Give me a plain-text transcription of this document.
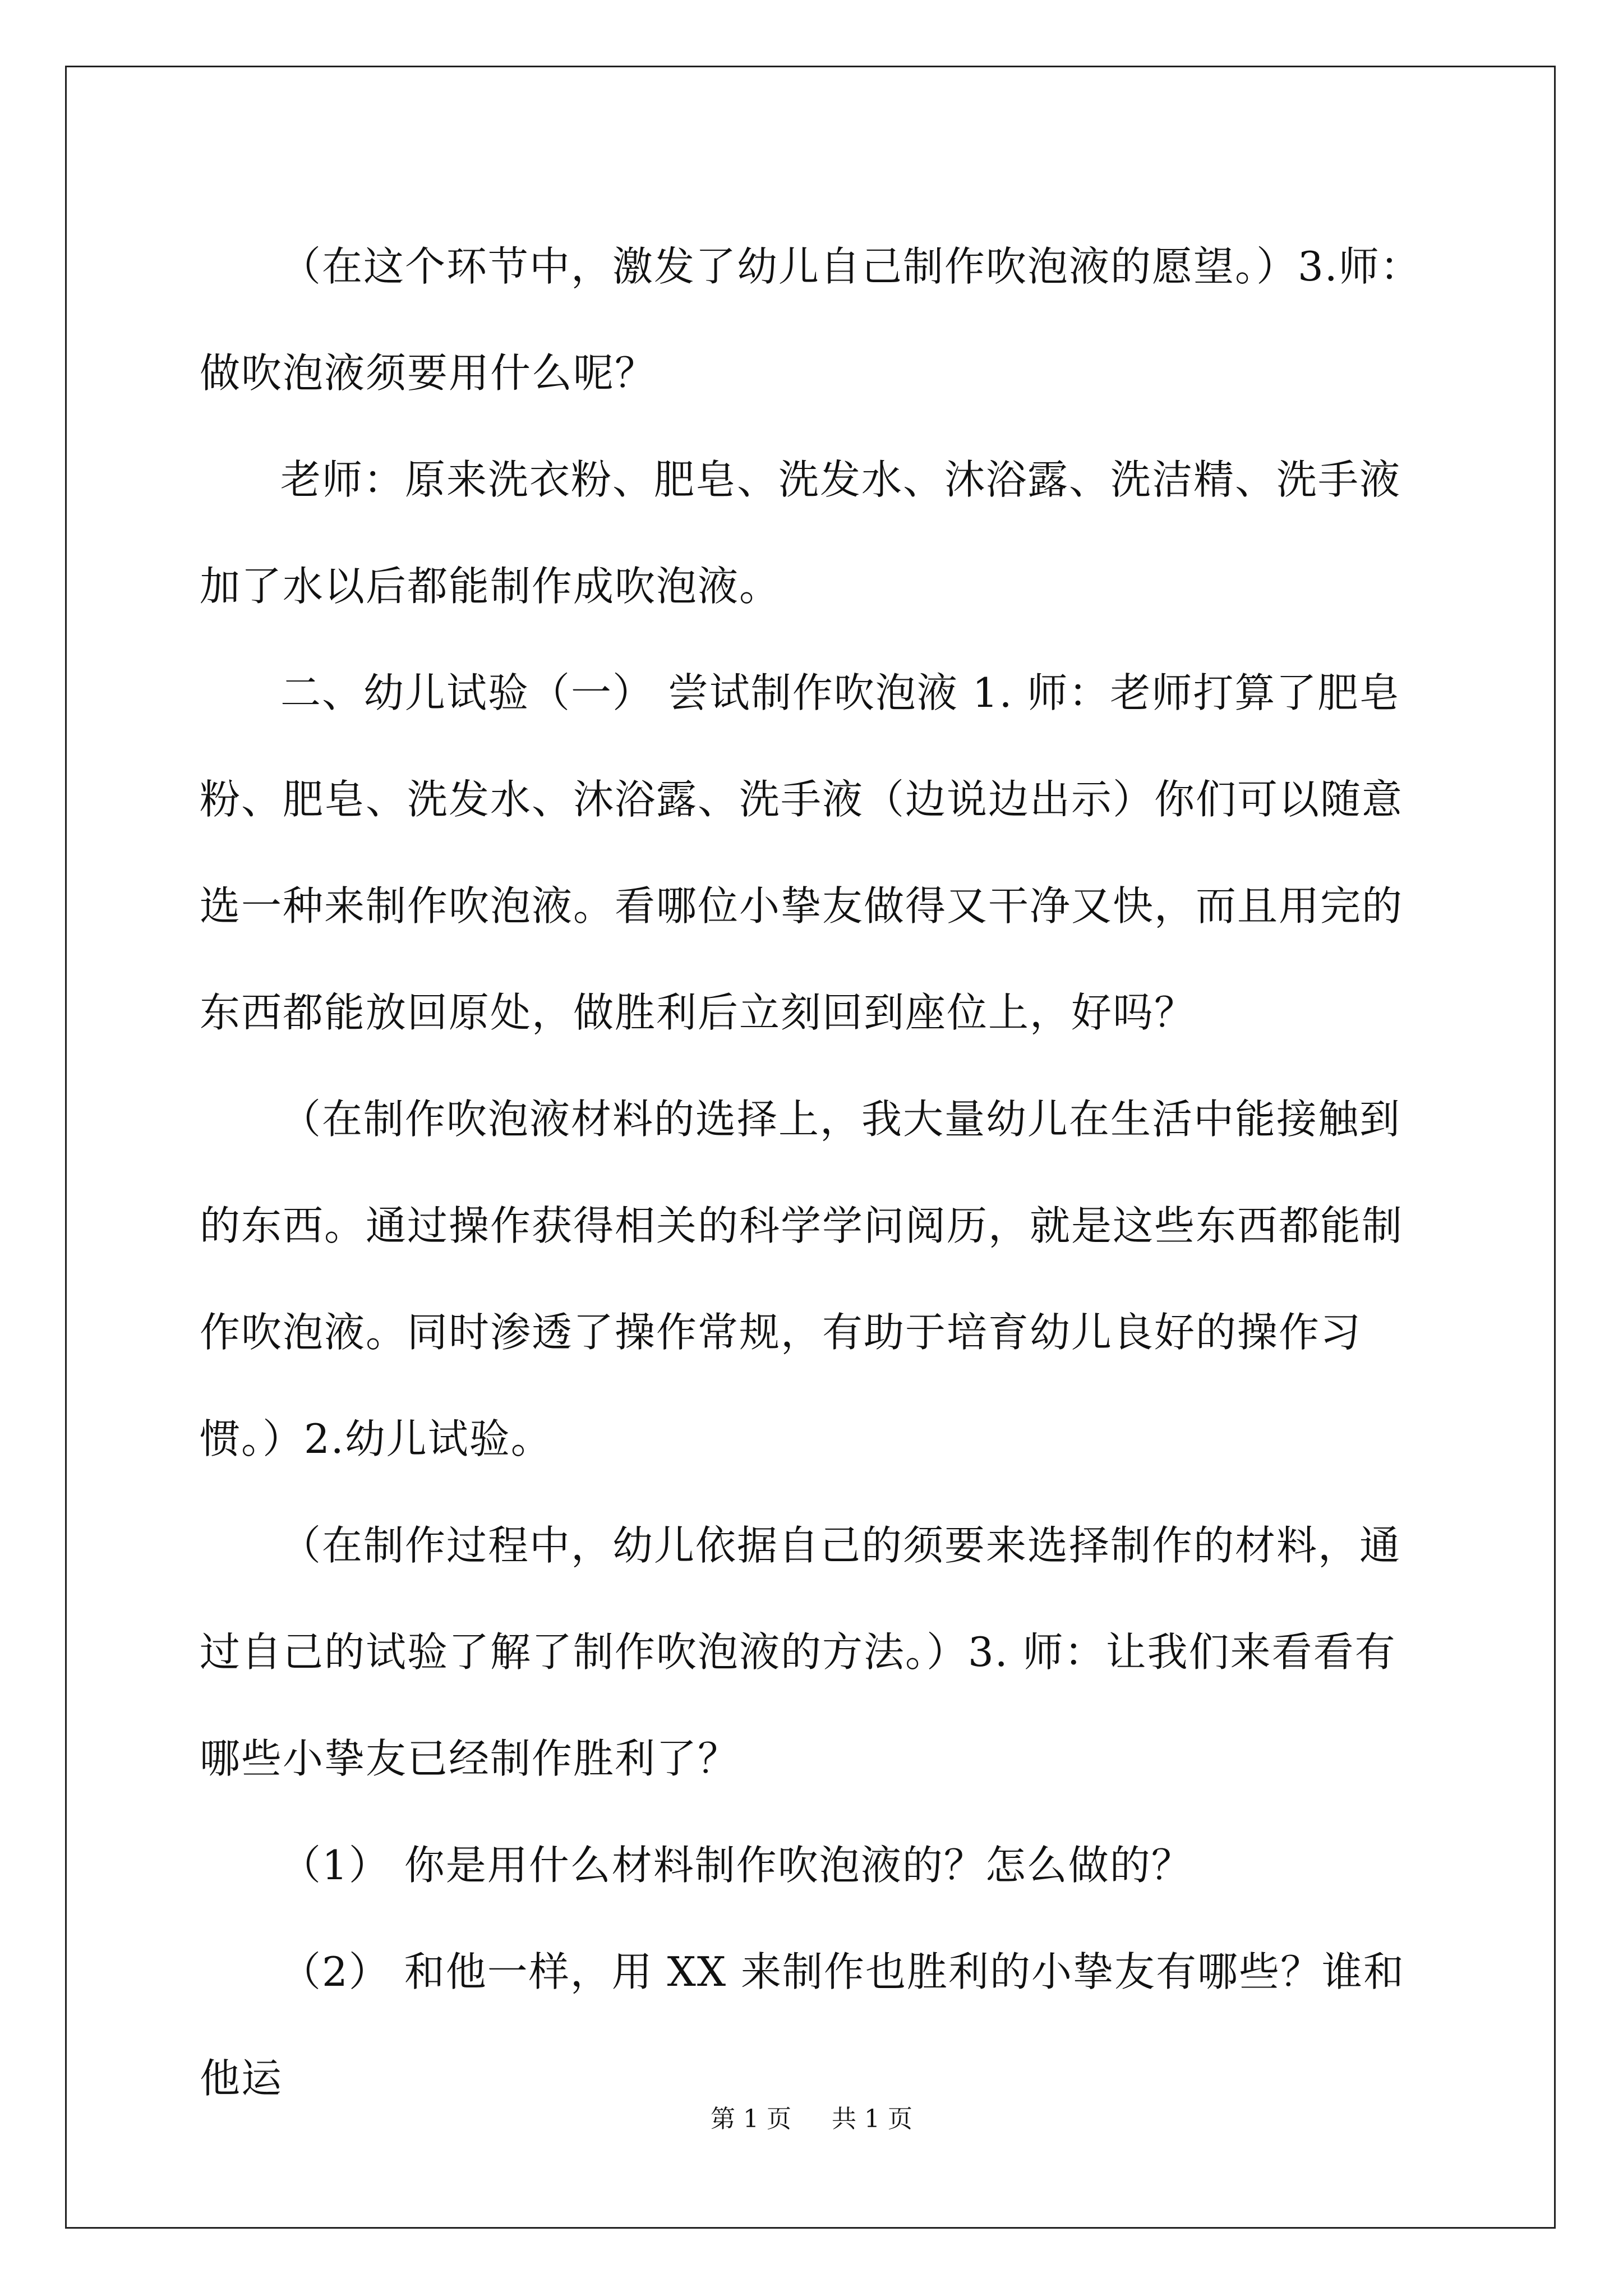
（在这个环节中，激发了幼儿自己制作吹泡液的愿望。）3.师：做吹泡液须要用什么呢？

老师：原来洗衣粉、肥皂、洗发水、沐浴露、洗洁精、洗手液加了水以后都能制作成吹泡液。

二、幼儿试验（一） 尝试制作吹泡液 1. 师：老师打算了肥皂粉、肥皂、洗发水、沐浴露、洗手液（边说边出示）你们可以随意选一种来制作吹泡液。看哪位小挚友做得又干净又快，而且用完的东西都能放回原处，做胜利后立刻回到座位上，好吗？

（在制作吹泡液材料的选择上，我大量幼儿在生活中能接触到的东西。通过操作获得相关的科学学问阅历，就是这些东西都能制作吹泡液。同时渗透了操作常规，有助于培育幼儿良好的操作习惯。）2.幼儿试验。

（在制作过程中，幼儿依据自己的须要来选择制作的材料，通过自己的试验了解了制作吹泡液的方法。）3. 师：让我们来看看有哪些小挚友已经制作胜利了？

（1） 你是用什么材料制作吹泡液的？怎么做的？

（2） 和他一样，用 XX 来制作也胜利的小挚友有哪些？谁和他运

第 1 页 共 1 页
